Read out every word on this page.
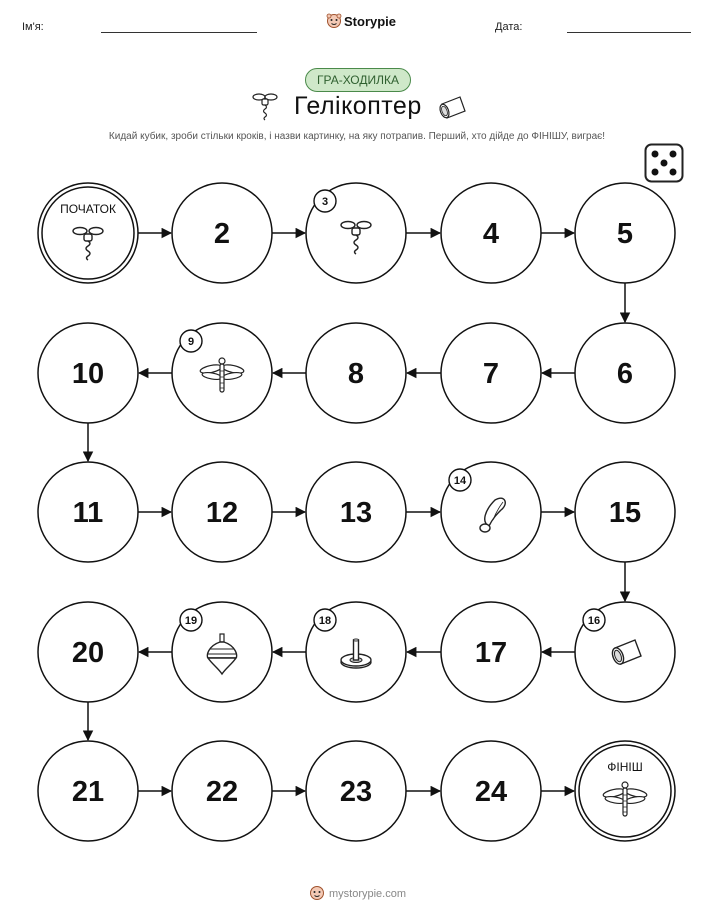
Ім'я:	Storypie	Дата:
ГРА-ХОДИЛКА
Гелікоптер
Кидай кубик, зроби стільки кроків, і назви картинку, на яку потрапив. Перший, хто дійде до ФІНІШУ, виграє!
ПОЧАТОК
2
3
4	5
6
7
8
9
10
11	12	13
14
15
16
17
18
19
20
21	22	23	24
ФІНІШ
mystorypie.com
